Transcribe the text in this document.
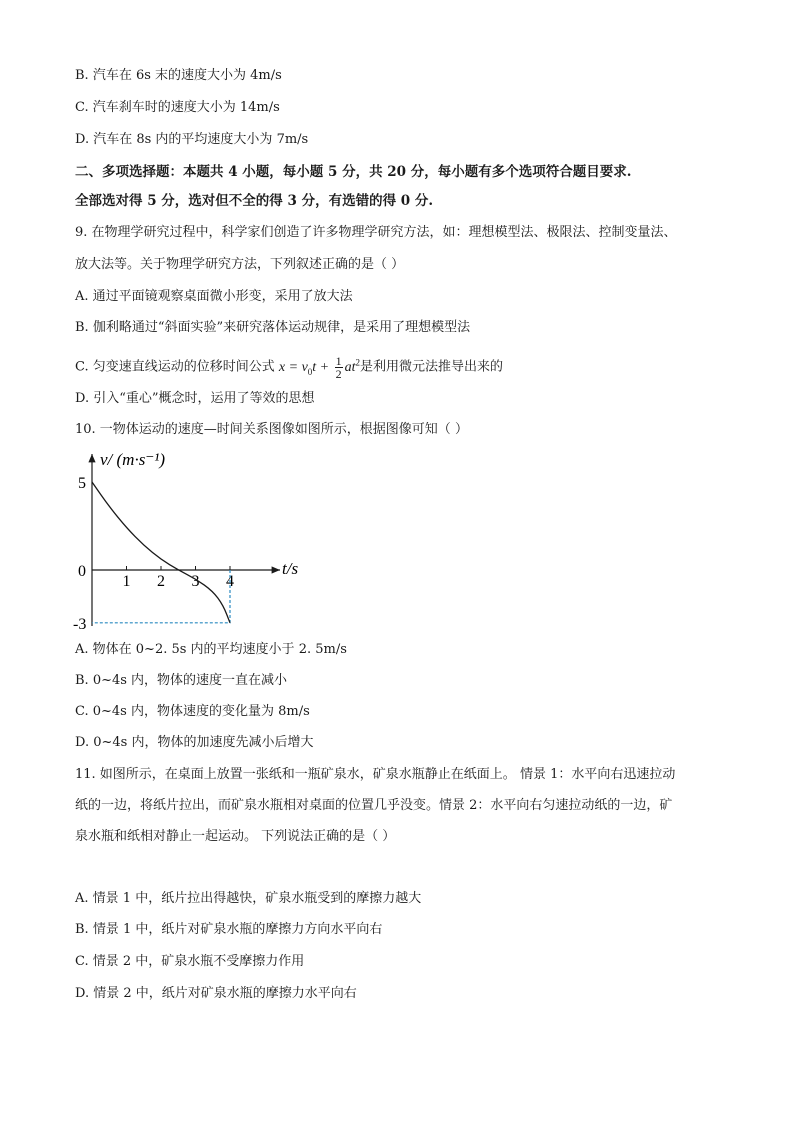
B. 汽车在 6s 末的速度大小为 4m/s
C. 汽车刹车时的速度大小为 14m/s
D. 汽车在 8s 内的平均速度大小为 7m/s
二、多项选择题：本题共 4 小题，每小题 5 分，共 20 分，每小题有多个选项符合题目要求.
全部选对得 5 分，选对但不全的得 3 分，有选错的得 0 分.
9. 在物理学研究过程中，科学家们创造了许多物理学研究方法，如：理想模型法、极限法、控制变量法、
放大法等。关于物理学研究方法，下列叙述正确的是（ ）
A. 通过平面镜观察桌面微小形变，采用了放大法
B. 伽利略通过“斜面实验”来研究落体运动规律，是采用了理想模型法
C. 匀变速直线运动的位移时间公式 $x = v_0t + \frac{1}{2} at^2$是利用微元法推导出来的
D. 引入“重心”概念时，运用了等效的思想
10. 一物体运动的速度—时间关系图像如图所示，根据图像可知（ ）
v/ (m·s⁻¹)
t/s
1 2 3 4
5
0
-3
A. 物体在 0~2. 5s 内的平均速度小于 2. 5m/s
B. 0~4s 内，物体的速度一直在减小
C. 0~4s 内，物体速度的变化量为 8m/s
D. 0~4s 内，物体的加速度先减小后增大
11. 如图所示，在桌面上放置一张纸和一瓶矿泉水，矿泉水瓶静止在纸面上。 情景 1：水平向右迅速拉动
纸的一边，将纸片拉出，而矿泉水瓶相对桌面的位置几乎没变。情景 2：水平向右匀速拉动纸的一边，矿
泉水瓶和纸相对静止一起运动。 下列说法正确的是（ ）
A. 情景 1 中，纸片拉出得越快，矿泉水瓶受到的摩擦力越大
B. 情景 1 中，纸片对矿泉水瓶的摩擦力方向水平向右
C. 情景 2 中，矿泉水瓶不受摩擦力作用
D. 情景 2 中，纸片对矿泉水瓶的摩擦力水平向右
